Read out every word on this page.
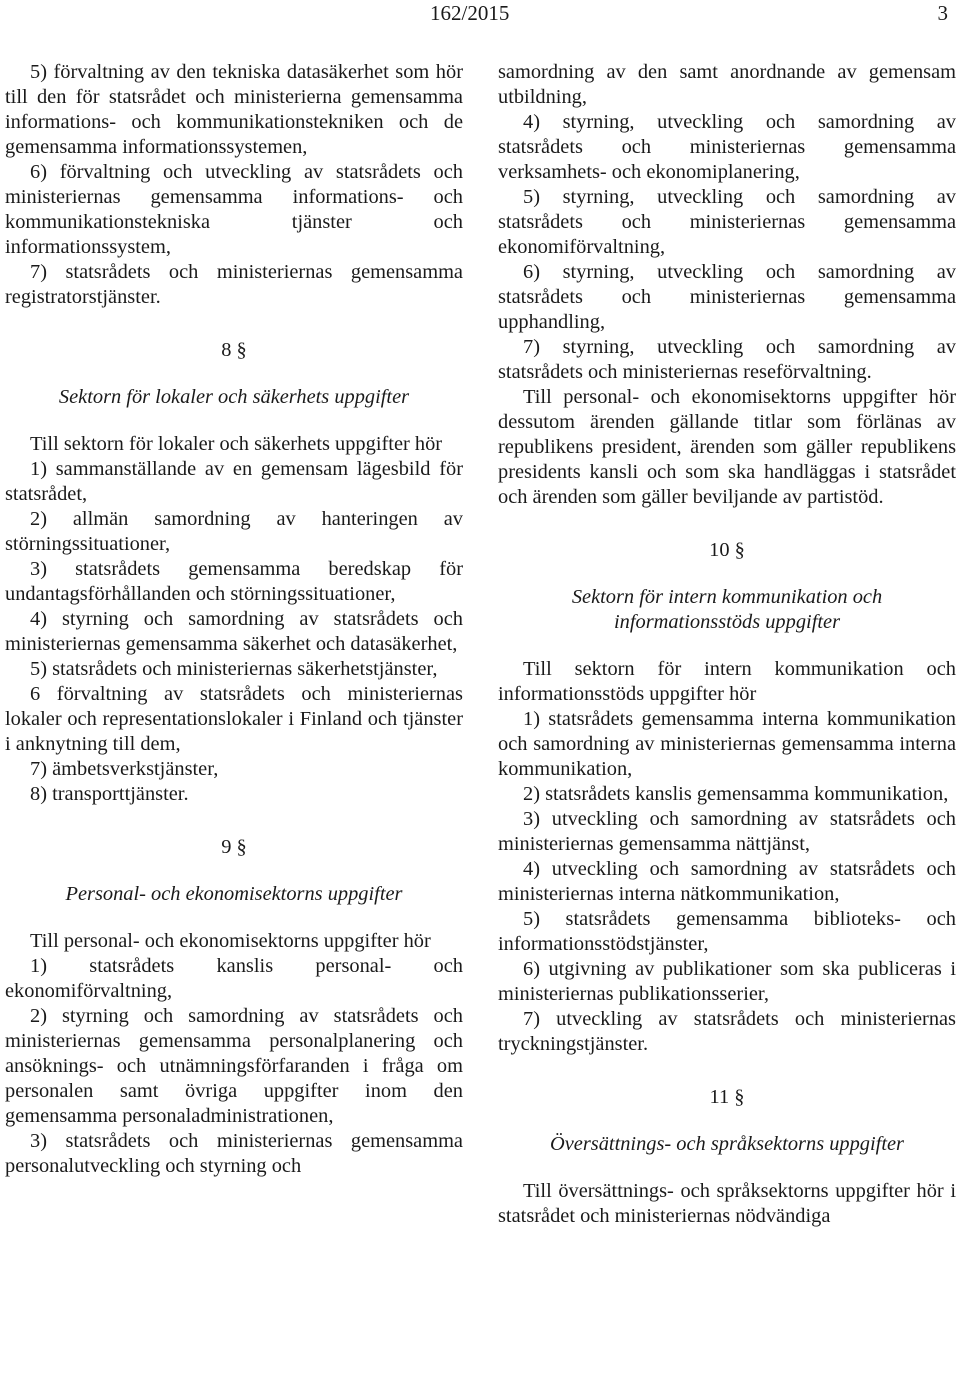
162/2015	3

5) förvaltning av den tekniska datasäkerhet som hör till den för statsrådet och ministerierna gemensamma informations- och kommunikationstekniken och de gemensamma informationssystemen,

6) förvaltning och utveckling av statsrådets och ministeriernas gemensamma informations- och kommunikationstekniska tjänster och informationssystem,

7) statsrådets och ministeriernas gemensamma registratorstjänster.

8 §
Sektorn för lokaler och säkerhets uppgifter

Till sektorn för lokaler och säkerhets uppgifter hör

1) sammanställande av en gemensam lägesbild för statsrådet,

2) allmän samordning av hanteringen av störningssituationer,

3) statsrådets gemensamma beredskap för undantagsförhållanden och störningssituationer,

4) styrning och samordning av statsrådets och ministeriernas gemensamma säkerhet och datasäkerhet,

5) statsrådets och ministeriernas säkerhetstjänster,

6 förvaltning av statsrådets och ministeriernas lokaler och representationslokaler i Finland och tjänster i anknytning till dem,

7) ämbetsverkstjänster,

8) transporttjänster.

9 §
Personal- och ekonomisektorns uppgifter

Till personal- och ekonomisektorns uppgifter hör

1) statsrådets kanslis personal- och ekonomiförvaltning,

2) styrning och samordning av statsrådets och ministeriernas gemensamma personalplanering och ansöknings- och utnämningsförfaranden i fråga om personalen samt övriga uppgifter inom den gemensamma personaladministrationen,

3) statsrådets och ministeriernas gemensamma personalutveckling och styrning och

samordning av den samt anordnande av gemensam utbildning,

4) styrning, utveckling och samordning av statsrådets och ministeriernas gemensamma verksamhets- och ekonomiplanering,

5) styrning, utveckling och samordning av statsrådets och ministeriernas gemensamma ekonomiförvaltning,

6) styrning, utveckling och samordning av statsrådets och ministeriernas gemensamma upphandling,

7) styrning, utveckling och samordning av statsrådets och ministeriernas reseförvaltning.

Till personal- och ekonomisektorns uppgifter hör dessutom ärenden gällande titlar som förlänas av republikens president, ärenden som gäller republikens presidents kansli och som ska handläggas i statsrådet och ärenden som gäller beviljande av partistöd.

10 §
Sektorn för intern kommunikation och
informationsstöds uppgifter

Till sektorn för intern kommunikation och informationsstöds uppgifter hör

1) statsrådets gemensamma interna kommunikation och samordning av ministeriernas gemensamma interna kommunikation,

2) statsrådets kanslis gemensamma kommunikation,

3) utveckling och samordning av statsrådets och ministeriernas gemensamma nättjänst,

4) utveckling och samordning av statsrådets och ministeriernas interna nätkommunikation,

5) statsrådets gemensamma biblioteks- och informationsstödstjänster,

6) utgivning av publikationer som ska publiceras i ministeriernas publikationsserier,

7) utveckling av statsrådets och ministeriernas tryckningstjänster.

11 §
Översättnings- och språksektorns uppgifter

Till översättnings- och språksektorns uppgifter hör i statsrådet och ministeriernas nödvändiga
